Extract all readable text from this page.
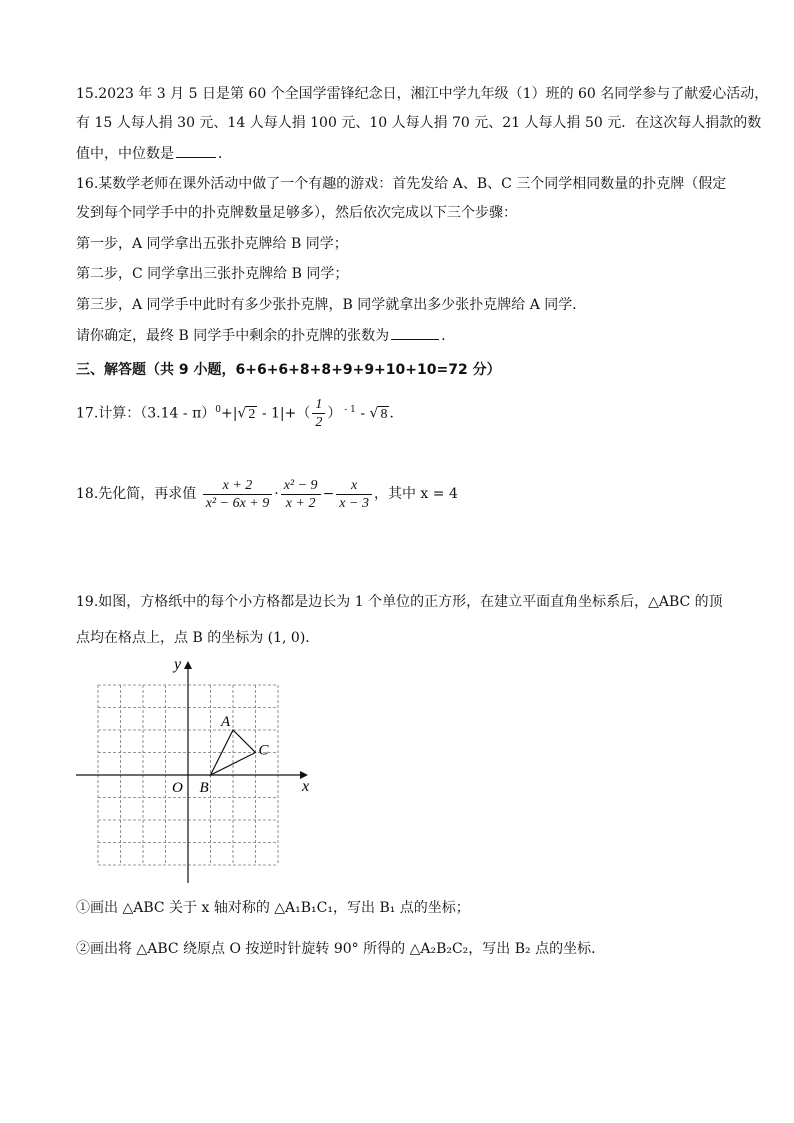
15.2023 年 3 月 5 日是第 60 个全国学雷锋纪念日，湘江中学九年级（1）班的 60 名同学参与了献爱心活动，
有 15 人每人捐 30 元、14 人每人捐 100 元、10 人每人捐 70 元、21 人每人捐 50 元．在这次每人捐款的数
值中，中位数是	．
16.某数学老师在课外活动中做了一个有趣的游戏：首先发给 A、B、C 三个同学相同数量的扑克牌（假定
发到每个同学手中的扑克牌数量足够多），然后依次完成以下三个步骤：
第一步，A 同学拿出五张扑克牌给 B 同学；
第二步，C 同学拿出三张扑克牌给 B 同学；
第三步，A 同学手中此时有多少张扑克牌，B 同学就拿出多少张扑克牌给 A 同学．
请你确定，最终 B 同学手中剩余的扑克牌的张数为	．
三、解答题（共 9 小题，6+6+6+8+8+9+9+10+10=72 分）
17.计算：（3.14 - π）$^0$+|√ $2 - 1|+( \frac{1}{2}$ ） $^{- 1}$ - √ 8 ．
18.先化简，再求值 $\frac{x + 2}{\text{x² − 6x + 9}} \cdot \frac{\text{x² − 9}}{x + 2} - \frac{x}{x - 3}$ ，其中 x = 4
19.如图，方格纸中的每个小方格都是边长为 1 个单位的正方形，在建立平面直角坐标系后，△ABC 的顶
点均在格点上，点 B 的坐标为 (1, 0)．
x
y
O
A
B
C
①画出 △ABC 关于 x 轴对称的 △A₁B₁C₁，写出 B₁ 点的坐标；
②画出将 △ABC 绕原点 O 按逆时针旋转 90° 所得的 △A₂B₂C₂，写出 B₂ 点的坐标．
